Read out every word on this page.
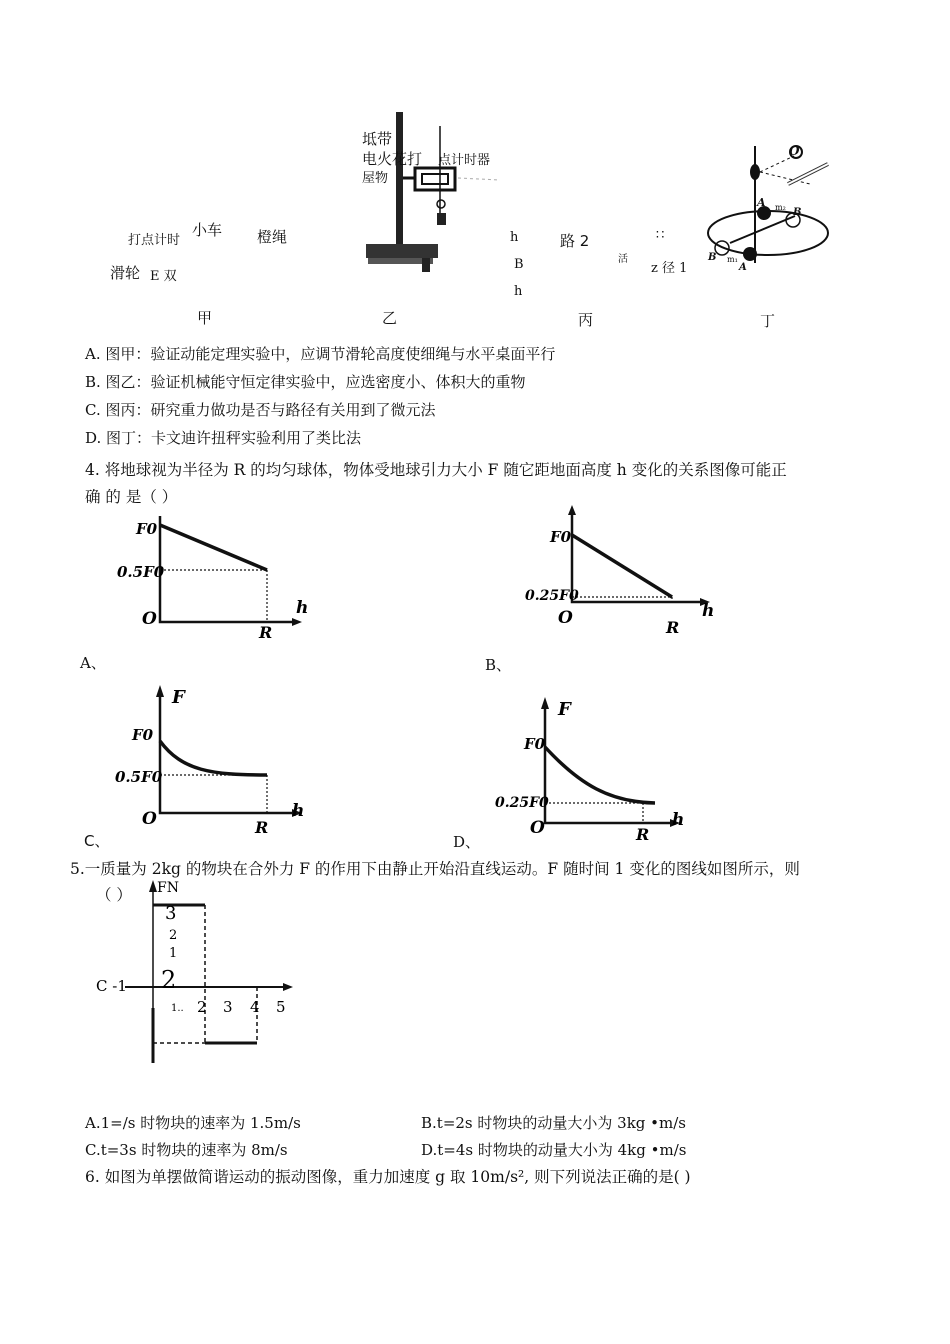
打点计时
小车 橙绳
滑轮 E 双
甲
坻带
电火花打 点计时器
屋物
乙
h	路 2
B
h
活
∷
z 径 1
丙
O
A
B
B
A
m₂
m₁
丁
A. 图甲：验证动能定理实验中，应调节滑轮高度使细绳与水平桌面平行
B. 图乙：验证机械能守恒定律实验中，应选密度小、体积大的重物
C. 图丙：研究重力做功是否与路径有关用到了微元法
D. 图丁：卡文迪许扭秤实验利用了类比法
4. 将地球视为半径为 R 的均匀球体，物体受地球引力大小 F 随它距地面高度 h 变化的关系图像可能正
确 的 是（ ）
F0
0.5F0
O
R
h
A、
F0
0.25F0
O	R
h
B、
F
F0
0.5F0
O	R
h
C、
F
F0
0.25F0
O	R
h
D、
5.一质量为 2kg 的物块在合外力 F 的作用下由静止开始沿直线运动。F 随时间 1 变化的图线如图所示，则
（ ） FN
3
2
1
C -1 2
1.. 2 3 4 5
A.1=/s 时物块的速率为 1.5m/s	B.t=2s 时物块的动量大小为 3kg •m/s
C.t=3s 时物块的速率为 8m/s	D.t=4s 时物块的动量大小为 4kg •m/s
6. 如图为单摆做简谐运动的振动图像，重力加速度 g 取 10m/s², 则下列说法正确的是( )
